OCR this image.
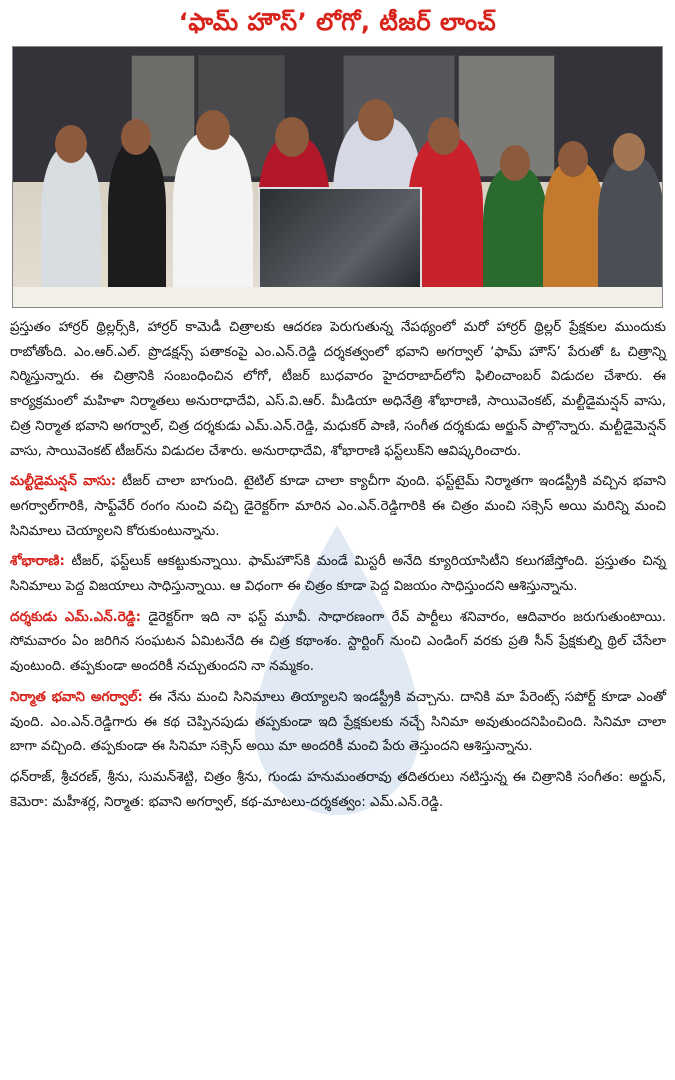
‘ఫామ్ హౌస్’ లోగో, టీజర్ లాంచ్

ప్రస్తుతం హార్రర్ థ్రిల్లర్స్‌కి, హార్రర్ కామెడీ చిత్రాలకు ఆదరణ పెరుగుతున్న నేపథ్యంలో మరో హార్రర్ థ్రిల్లర్ ప్రేక్షకుల ముందుకు రాబోతోంది. ఎం.ఆర్.ఎల్. ప్రొడక్షన్స్ పతాకంపై ఎం.ఎన్.రెడ్డి దర్శకత్వంలో భవాని అగర్వాల్ ‘ఫామ్ హౌస్’ పేరుతో ఓ చిత్రాన్ని నిర్మిస్తున్నారు. ఈ చిత్రానికి సంబంధించిన లోగో, టీజర్ బుధవారం హైదరాబాద్‌లోని ఫిలించాంబర్ విడుదల చేశారు. ఈ కార్యక్రమంలో మహిళా నిర్మాతలు అనురాధాదేవి, ఎస్.వి.ఆర్. మీడియా అధినేత్రి శోభారాణి, సాయివెంకట్, మల్టీడైమన్షన్ వాసు, చిత్ర నిర్మాత భవాని అగర్వాల్, చిత్ర దర్శకుడు ఎమ్.ఎన్.రెడ్డి, మధుకర్ పాణి, సంగీత దర్శకుడు అర్జున్ పాల్గొన్నారు. మల్టీడైమెన్షన్ వాసు, సాయివెంకట్ టీజర్‌ను విడుదల చేశారు. అనురాధాదేవి, శోభారాణి ఫస్ట్‌లుక్‌ని ఆవిష్కరించారు.

మల్టీడైమన్షన్ వాసు: టీజర్ చాలా బాగుంది. టైటిల్ కూడా చాలా క్యాచీగా వుంది. ఫస్ట్‌టైమ్ నిర్మాతగా ఇండస్ట్రీకి వచ్చిన భవాని అగర్వాల్‌గారికి, సాఫ్ట్‌వేర్ రంగం నుంచి వచ్చి డైరెక్టర్‌గా మారిన ఎం.ఎన్.రెడ్డిగారికి ఈ చిత్రం మంచి సక్సెస్ అయి మరిన్ని మంచి సినిమాలు చెయ్యాలని కోరుకుంటున్నాను.

శోభారాణి: టీజర్, ఫస్ట్‌లుక్ ఆకట్టుకున్నాయి. ఫామ్‌హౌస్‌కి మండే మిస్టరీ అనేది క్యూరియాసిటీని కలుగజేస్తోంది. ప్రస్తుతం చిన్న సినిమాలు పెద్ద విజయాలు సాధిస్తున్నాయి. ఆ విధంగా ఈ చిత్రం కూడా పెద్ద విజయం సాధిస్తుందని ఆశిస్తున్నాను.

దర్శకుడు ఎమ్.ఎన్.రెడ్డి: డైరెక్టర్‌గా ఇది నా ఫస్ట్ మూవీ. సాధారణంగా రేవ్ పార్టీలు శనివారం, ఆదివారం జరుగుతుంటాయి. సోమవారం ఏం జరిగిన సంఘటన ఏమిటనేది ఈ చిత్ర కథాంశం. స్టార్టింగ్ నుంచి ఎండింగ్ వరకు ప్రతి సీన్ ప్రేక్షకుల్ని థ్రిల్ చేసేలా వుంటుంది. తప్పకుండా అందరికీ నచ్చుతుందని నా నమ్మకం.

నిర్మాత భవాని అగర్వాల్: ఈ నేను మంచి సినిమాలు తియ్యాలని ఇండస్ట్రీకి వచ్చాను. దానికి మా పేరెంట్స్ సపోర్ట్ కూడా ఎంతో వుంది. ఎం.ఎన్.రెడ్డిగారు ఈ కథ చెప్పినపుడు తప్పకుండా ఇది ప్రేక్షకులకు నచ్చే సినిమా అవుతుందనిపించింది. సినిమా చాలా బాగా వచ్చింది. తప్పకుండా ఈ సినిమా సక్సెస్ అయి మా అందరికీ మంచి పేరు తెస్తుందని ఆశిస్తున్నాను.

ధన్‌రాజ్, శ్రీచరణ్, శ్రీను, సుమన్‌శెట్టి, చిత్రం శ్రీను, గుండు హనుమంతరావు తదితరులు నటిస్తున్న ఈ చిత్రానికి సంగీతం: అర్జున్, కెమెరా: మహీశర్ల, నిర్మాత: భవాని అగర్వాల్, కథ-మాటలు-దర్శకత్వం: ఎమ్.ఎన్.రెడ్డి.
